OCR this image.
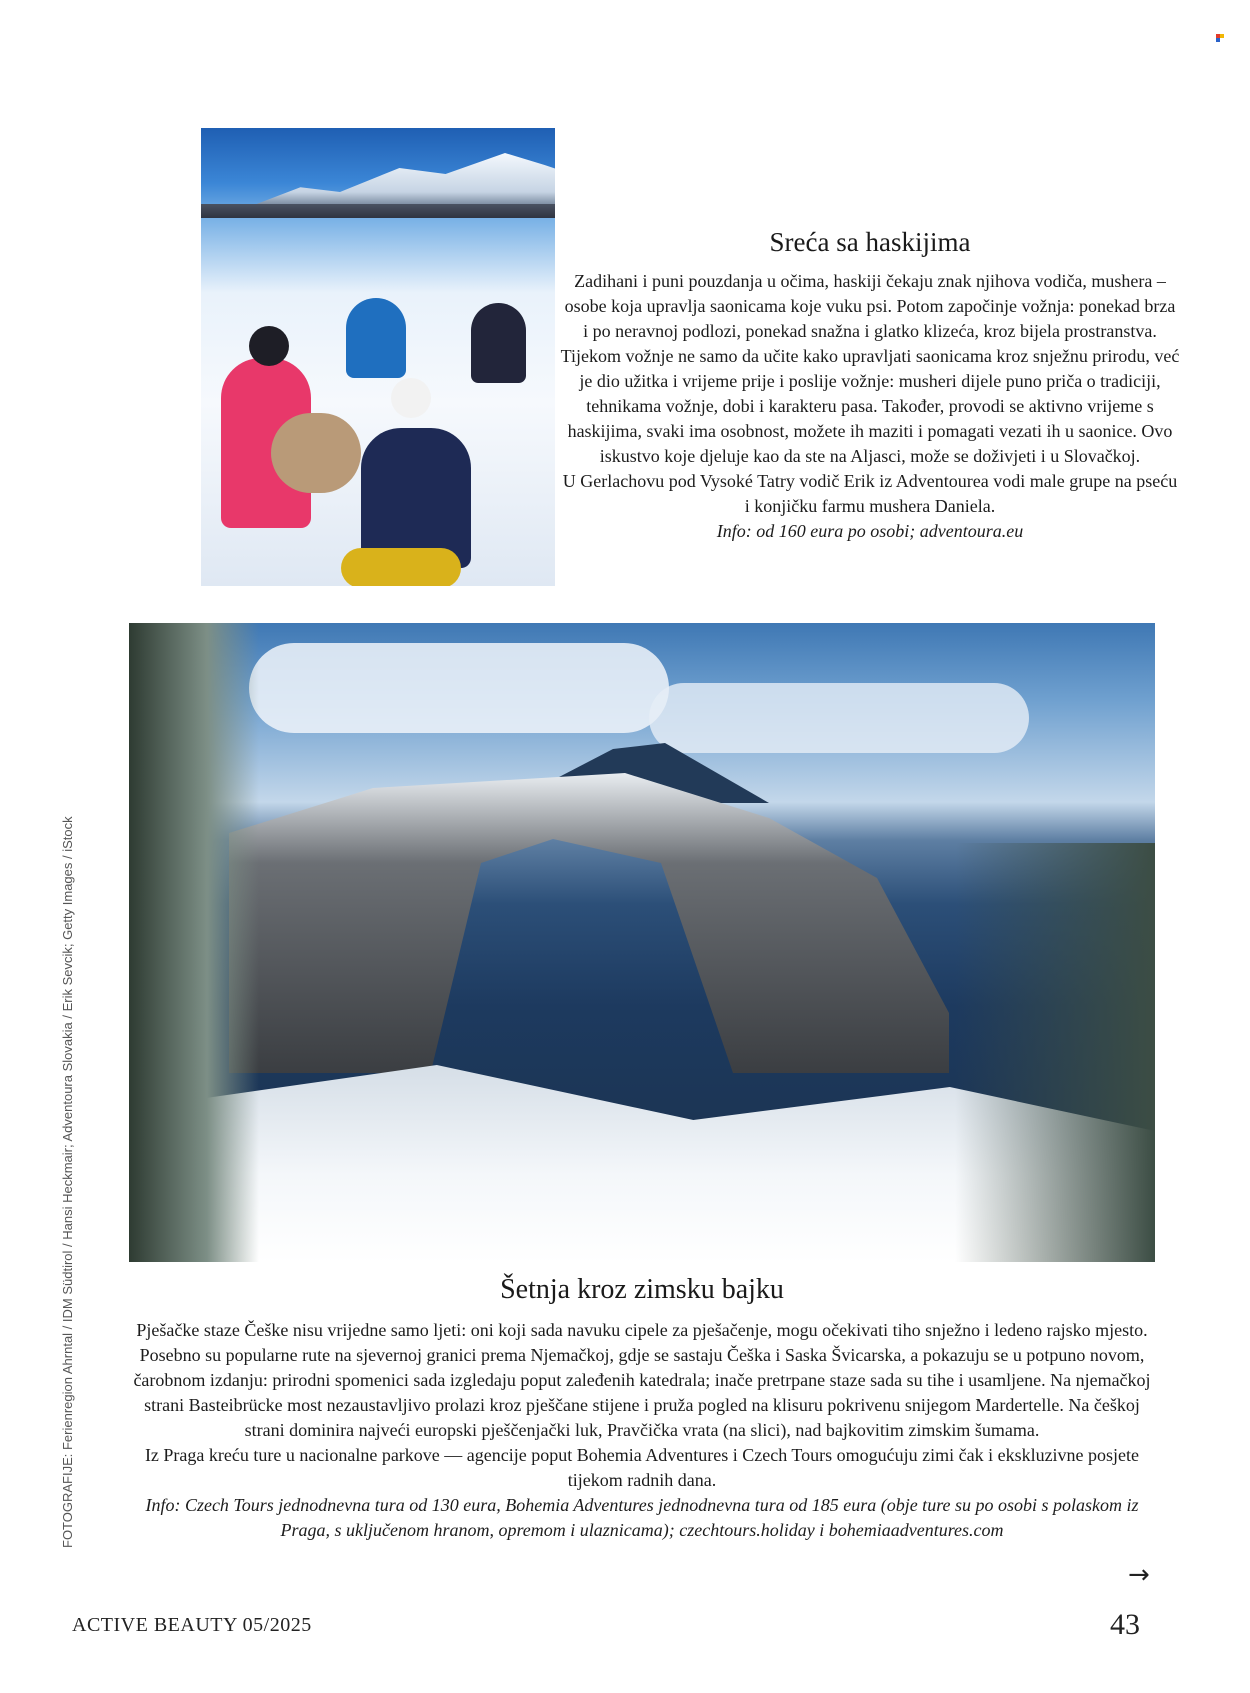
Sreća sa haskijima

Zadihani i puni pouzdanja u očima, haskiji čekaju znak njihova vodiča, mushera – osobe koja upravlja saonicama koje vuku psi. Potom započinje vožnja: ponekad brza i po neravnoj podlozi, ponekad snažna i glatko klizeća, kroz bijela prostranstva. Tijekom vožnje ne samo da učite kako upravljati saonicama kroz snježnu prirodu, već je dio užitka i vrijeme prije i poslije vožnje: musheri dijele puno priča o tradiciji, tehnikama vožnje, dobi i karakteru pasa. Također, provodi se aktivno vrijeme s haskijima, svaki ima osobnost, možete ih maziti i pomagati vezati ih u saonice. Ovo iskustvo koje djeluje kao da ste na Aljasci, može se doživjeti i u Slovačkoj.

U Gerlachovu pod Vysoké Tatry vodič Erik iz Adventourea vodi male grupe na pseću i konjičku farmu mushera Daniela.

Info: od 160 eura po osobi; adventoura.eu

Šetnja kroz zimsku bajku

Pješačke staze Češke nisu vrijedne samo ljeti: oni koji sada navuku cipele za pješačenje, mogu očekivati tiho snježno i ledeno rajsko mjesto. Posebno su popularne rute na sjevernoj granici prema Njemačkoj, gdje se sastaju Češka i Saska Švicarska, a pokazuju se u potpuno novom, čarobnom izdanju: prirodni spomenici sada izgledaju poput zaleđenih katedrala; inače pretrpane staze sada su tihe i usamljene. Na njemačkoj strani Basteibrücke most nezaustavljivo prolazi kroz pješčane stijene i pruža pogled na klisuru pokrivenu snijegom Mardertelle. Na češkoj strani dominira najveći europski pješčenjački luk, Pravčička vrata (na slici), nad bajkovitim zimskim šumama.

Iz Praga kreću ture u nacionalne parkove — agencije poput Bohemia Adventures i Czech Tours omogućuju zimi čak i ekskluzivne posjete tijekom radnih dana.

Info: Czech Tours jednodnevna tura od 130 eura, Bohemia Adventures jednodnevna tura od 185 eura (obje ture su po osobi s polaskom iz Praga, s uključenom hranom, opremom i ulaznicama); czechtours.holiday i bohemiaadventures.com

FOTOGRAFIJE: Ferienregion Ahrntal / IDM Südtirol / Hansi Heckmair; Adventoura Slovakia / Erik Sevcik; Getty Images / iStock
→
ACTIVE BEAUTY 05/2025	43
